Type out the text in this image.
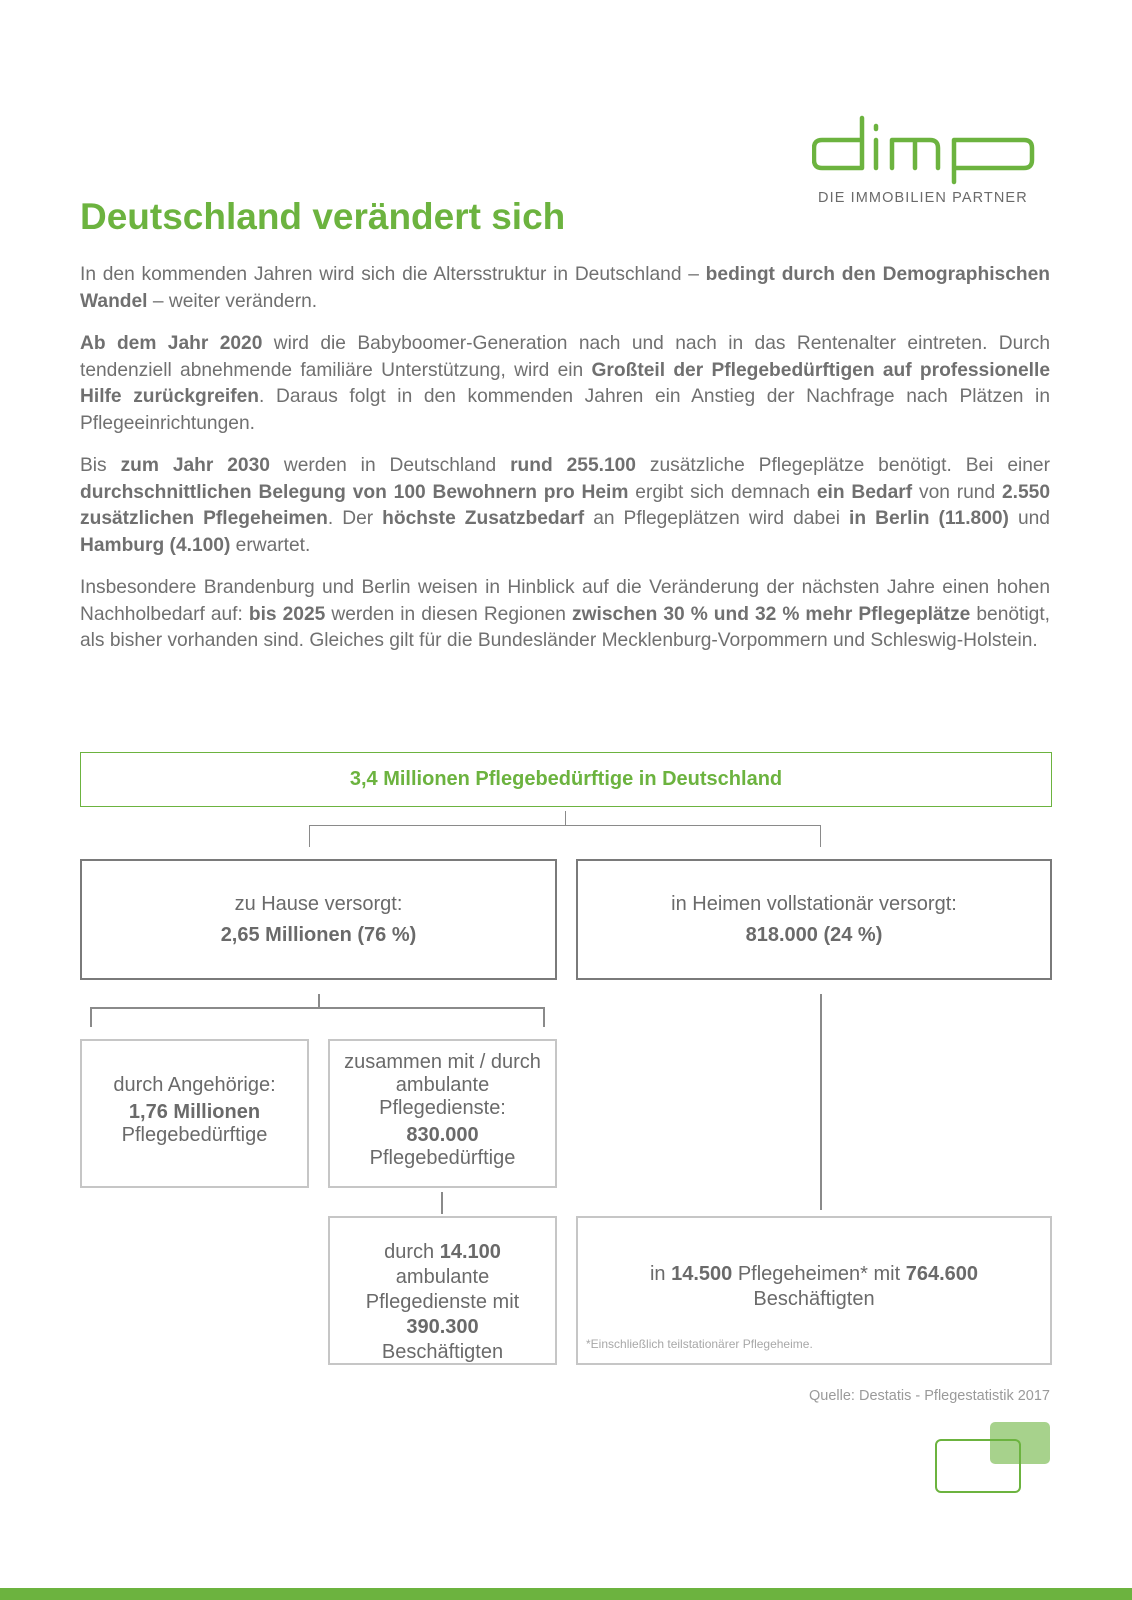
DIE IMMOBILIEN PARTNER
Deutschland verändert sich

In den kommenden Jahren wird sich die Altersstruktur in Deutschland – bedingt durch den Demographischen Wandel – weiter verändern.

Ab dem Jahr 2020 wird die Babyboomer-Generation nach und nach in das Rentenalter eintreten. Durch tendenziell abnehmende familiäre Unterstützung, wird ein Großteil der Pflegebedürftigen auf professionelle Hilfe zurückgreifen. Daraus folgt in den kommenden Jahren ein Anstieg der Nachfrage nach Plätzen in Pflegeeinrichtungen.

Bis zum Jahr 2030 werden in Deutschland rund 255.100 zusätzliche Pflegeplätze benötigt. Bei einer durchschnittlichen Belegung von 100 Bewohnern pro Heim ergibt sich demnach ein Bedarf von rund 2.550 zusätzlichen Pflegeheimen. Der höchste Zusatzbedarf an Pflegeplätzen wird dabei in Berlin (11.800) und Hamburg (4.100) erwartet.

Insbesondere Brandenburg und Berlin weisen in Hinblick auf die Veränderung der nächsten Jahre einen hohen Nachholbedarf auf: bis 2025 werden in diesen Regionen zwischen 30 % und 32 % mehr Pflegeplätze benötigt, als bisher vorhanden sind. Gleiches gilt für die Bundesländer Mecklenburg-Vorpommern und Schleswig-Holstein.

3,4 Millionen Pflegebedürftige in Deutschland
zu Hause versorgt:
2,65 Millionen (76 %)
in Heimen vollstationär versorgt:
818.000 (24 %)
durch Angehörige:
1,76 Millionen
Pflegebedürftige
zusammen mit / durch ambulante Pflegedienste:
830.000
Pflegebedürftige
durch 14.100 ambulante Pflegedienste mit 390.300 Beschäftigten
in 14.500 Pflegeheimen* mit 764.600
Beschäftigten
*Einschließlich teilstationärer Pflegeheime.
Quelle: Destatis - Pflegestatistik 2017
